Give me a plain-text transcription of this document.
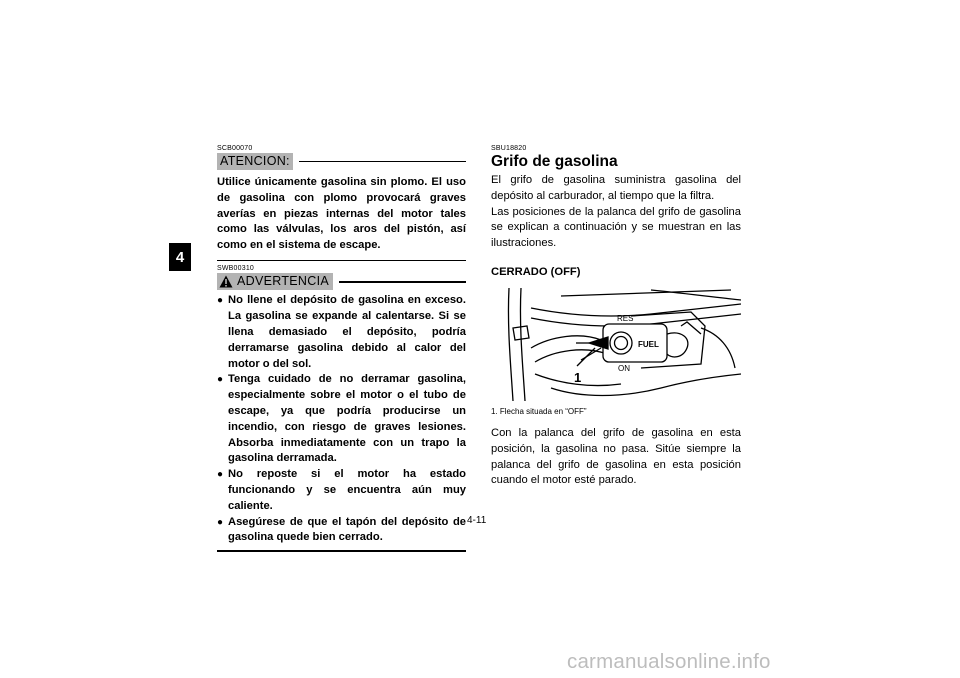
4
SCB00070
ATENCION:

Utilice únicamente gasolina sin plomo. El uso de gasolina con plomo provocará graves averías en piezas internas del motor tales como las válvulas, los aros del pistón, así como en el sistema de escape.

SWB00310
ADVERTENCIA
● No llene el depósito de gasolina en exceso. La gasolina se expande al calentarse. Si se llena demasiado el depósito, podría derramarse gasolina debido al calor del motor o del sol.
● Tenga cuidado de no derramar gasolina, especialmente sobre el motor o el tubo de escape, ya que podría producirse un incendio, con riesgo de graves lesiones. Absorba inmediatamente con un trapo la gasolina derramada.
● No reposte si el motor ha estado funcionando y se encuentra aún muy caliente.
● Asegúrese de que el tapón del depósito de gasolina quede bien cerrado.
SBU18820
Grifo de gasolina

El grifo de gasolina suministra gasolina del depósito al carburador, al tiempo que la filtra.

Las posiciones de la palanca del grifo de gasolina se explican a continuación y se muestran en las ilustraciones.

CERRADO (OFF)
RES
FUEL
ON
1

1. Flecha situada en “OFF”

Con la palanca del grifo de gasolina en esta posición, la gasolina no pasa. Sitúe siempre la palanca del grifo de gasolina en esta posición cuando el motor esté parado.

4-11
carmanualsonline.info
